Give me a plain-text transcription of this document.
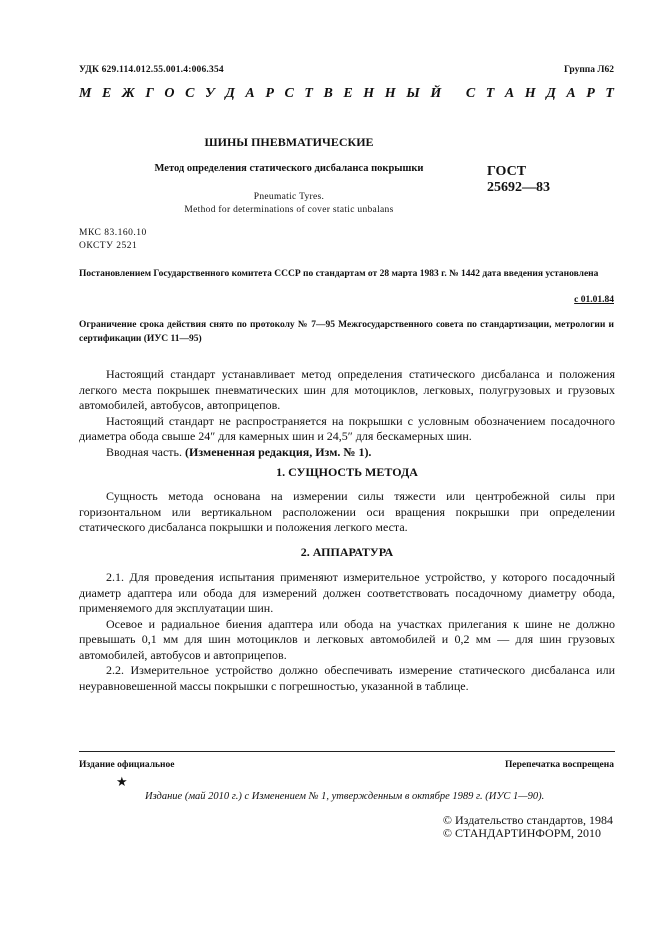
УДК 629.114.012.55.001.4:006.354	Группа Л62
М Е Ж Г О С У Д А Р С Т В Е Н Н Ы Й
С Т А Н Д А Р Т
ШИНЫ ПНЕВМАТИЧЕСКИЕ
Метод определения статического дисбаланса покрышки
Pneumatic Tyres.
Method for determinations of cover static unbalans
ГОСТ
25692—83
МКС 83.160.10
ОКСТУ 2521
Постановлением Государственного комитета СССР по стандартам от 28 марта 1983 г. № 1442 дата введения установлена
с 01.01.84
Ограничение срока действия снято по протоколу № 7—95 Межгосударственного совета по стандартизации, метрологии и сертификации (ИУС 11—95)

Настоящий стандарт устанавливает метод определения статического дисбаланса и положения легкого места покрышек пневматических шин для мотоциклов, легковых, полугрузовых и грузовых автомобилей, автобусов, автоприцепов.

Настоящий стандарт не распространяется на покрышки с условным обозначением посадочного диаметра обода свыше 24″ для камерных шин и 24,5″ для бескамерных шин.

Вводная часть. (Измененная редакция, Изм. № 1).

1. СУЩНОСТЬ МЕТОДА

Сущность метода основана на измерении силы тяжести или центробежной силы при горизонтальном или вертикальном расположении оси вращения покрышки при определении статического дисбаланса покрышки и положения легкого места.

2. АППАРАТУРА

2.1. Для проведения испытания применяют измерительное устройство, у которого посадочный диаметр адаптера или обода для измерений должен соответствовать посадочному диаметру обода, применяемого для эксплуатации шин.

Осевое и радиальное биения адаптера или обода на участках прилегания к шине не должно превышать 0,1 мм для шин мотоциклов и легковых автомобилей и 0,2 мм — для шин грузовых автомобилей, автобусов и автоприцепов.

2.2. Измерительное устройство должно обеспечивать измерение статического дисбаланса или неуравновешенной массы покрышки с погрешностью, указанной в таблице.

Издание официальное	Перепечатка воспрещена
★
Издание (май 2010 г.) с Изменением № 1, утвержденным в октябре 1989 г. (ИУС 1—90).
© Издательство стандартов, 1984
© СТАНДАРТИНФОРМ, 2010
